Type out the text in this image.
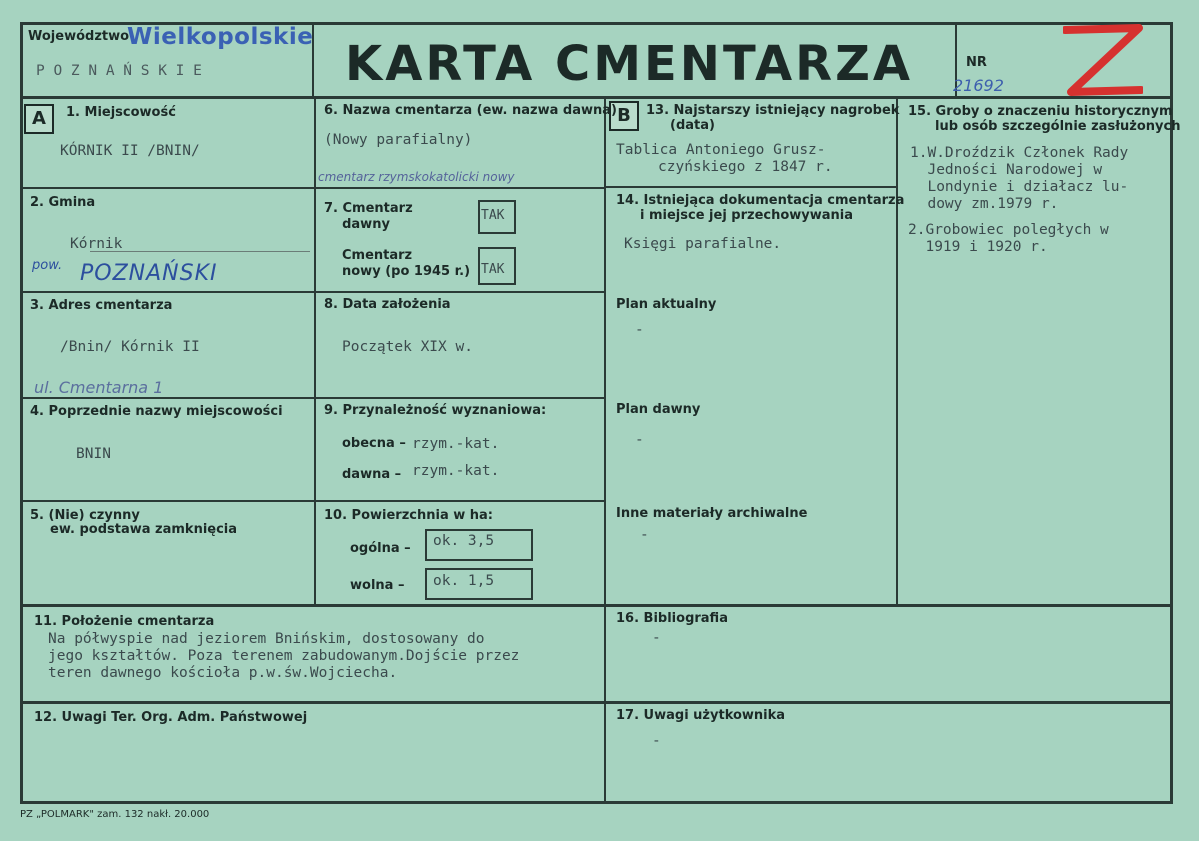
Województwo
Wielkopolskie
P O Z N A Ń S K I E	KARTA CMENTARZA	NR
21692
A	B
1. Miejscowość
KÓRNIK II /BNIN/
2. Gmina
Kórnik
pow. POZNAŃSKI
3. Adres cmentarza
/Bnin/ Kórnik II
ul. Cmentarna 1
4. Poprzednie nazwy miejscowości
BNIN
5. (Nie) czynny
ew. podstawa zamknięcia
6. Nazwa cmentarza (ew. nazwa dawna)
(Nowy parafialny)
cmentarz rzymskokatolicki nowy
7. Cmentarz
dawny
TAK
Cmentarz
nowy (po 1945 r.) TAK
8. Data założenia
Początek XIX w.
9. Przynależność wyznaniowa:
obecna – rzym.-kat.
dawna – rzym.-kat.
10. Powierzchnia w ha:
ogólna – ok. 3,5
wolna – ok. 1,5
11. Położenie cmentarza
Na półwyspie nad jeziorem Bnińskim, dostosowany do
jego kształtów. Poza terenem zabudowanym.Dojście przez
teren dawnego kościoła p.w.św.Wojciecha.
12. Uwagi Ter. Org. Adm. Państwowej
13. Najstarszy istniejący nagrobek
(data)
Tablica Antoniego Grusz-
czyńskiego z 1847 r.
14. Istniejąca dokumentacja cmentarza
i miejsce jej przechowywania
Księgi parafialne.
Plan aktualny
-
Plan dawny
-
Inne materiały archiwalne
-
15. Groby o znaczeniu historycznym
lub osób szczególnie zasłużonych
1.W.Droździk Członek Rady
Jedności Narodowej w
Londynie i działacz lu-
dowy zm.1979 r.
2.Grobowiec poległych w
1919 i 1920 r.
16. Bibliografia
-
17. Uwagi użytkownika
-
PZ „POLMARK" zam. 132 nakł. 20.000
